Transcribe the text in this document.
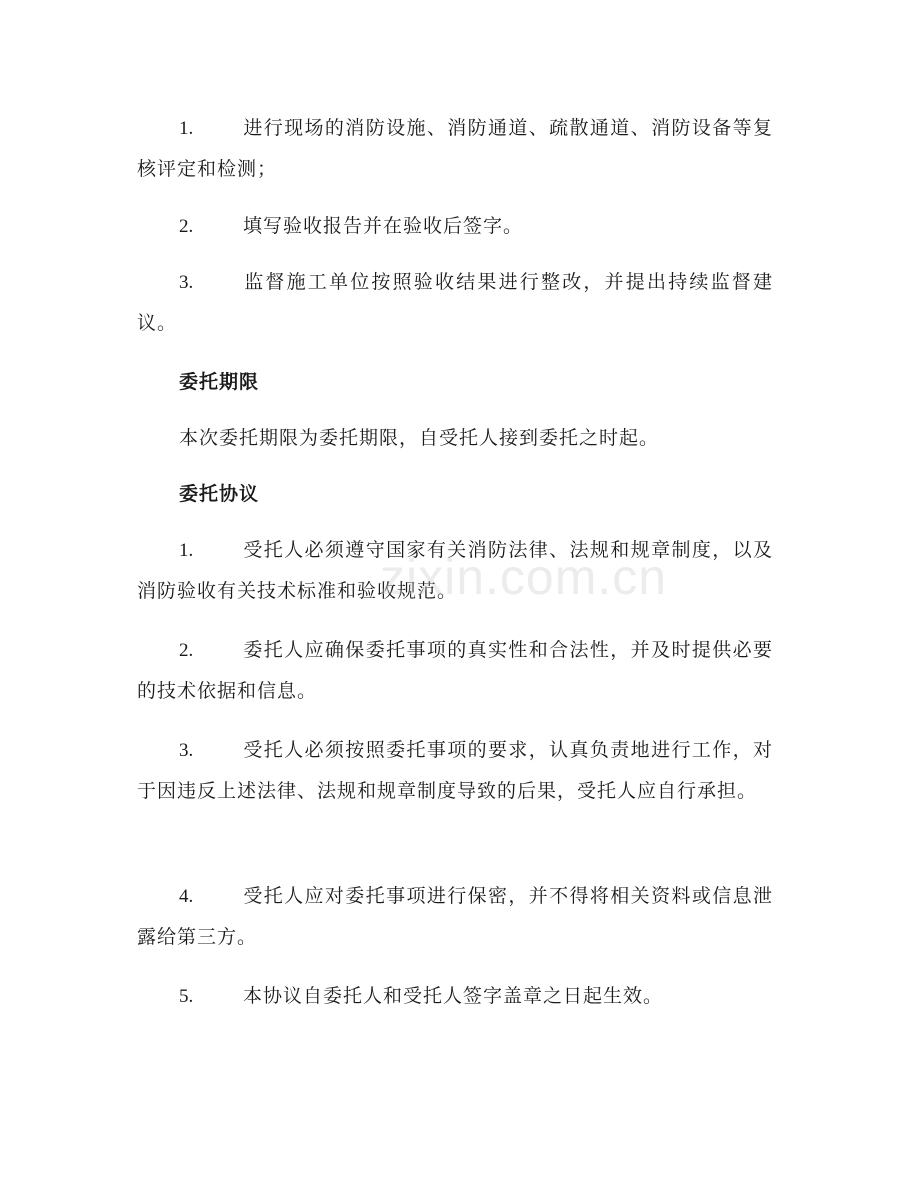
1.	进行现场的消防设施、消防通道、疏散通道、消防设备等复核评定和检测；
2.	填写验收报告并在验收后签字。
3.	监督施工单位按照验收结果进行整改，并提出持续监督建议。
委托期限
本次委托期限为委托期限，自受托人接到委托之时起。
委托协议
1.	受托人必须遵守国家有关消防法律、法规和规章制度，以及消防验收有关技术标准和验收规范。
2.	委托人应确保委托事项的真实性和合法性，并及时提供必要的技术依据和信息。
3.	受托人必须按照委托事项的要求，认真负责地进行工作，对于因违反上述法律、法规和规章制度导致的后果，受托人应自行承担。
4.	受托人应对委托事项进行保密，并不得将相关资料或信息泄露给第三方。
5.	本协议自委托人和受托人签字盖章之日起生效。
zixin.com.cn
